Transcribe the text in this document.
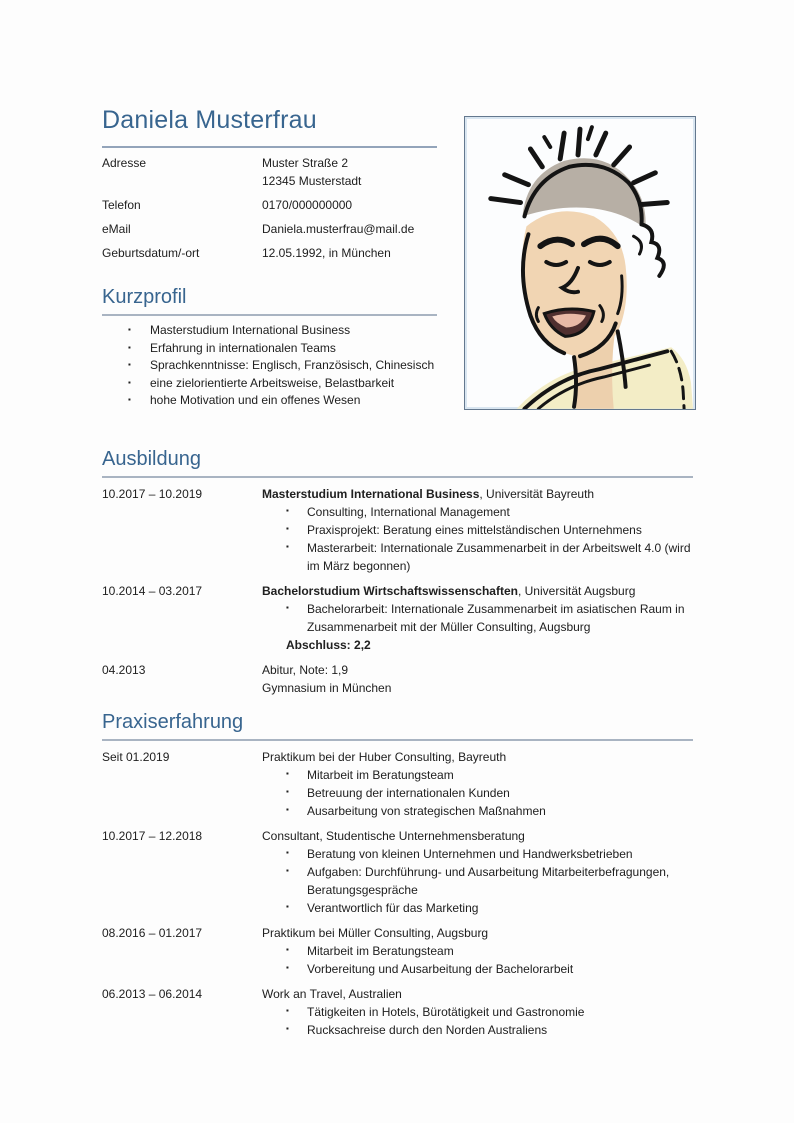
Daniela Musterfrau
Adresse	Muster Straße 2
12345 Musterstadt
Telefon	0170/000000000
eMail	Daniela.musterfrau@mail.de
Geburtsdatum/-ort	12.05.1992, in München
Kurzprofil
▪	Masterstudium International Business
▪	Erfahrung in internationalen Teams
▪	Sprachkenntnisse: Englisch, Französisch, Chinesisch
▪	eine zielorientierte Arbeitsweise, Belastbarkeit
▪	hohe Motivation und ein offenes Wesen
Ausbildung
10.2017 – 10.2019	Masterstudium International Business, Universität Bayreuth
▪	Consulting, International Management
▪	Praxisprojekt: Beratung eines mittelständischen Unternehmens
▪	Masterarbeit: Internationale Zusammenarbeit in der Arbeitswelt 4.0 (wird im März begonnen)
10.2014 – 03.2017	Bachelorstudium Wirtschaftswissenschaften, Universität Augsburg
▪	Bachelorarbeit: Internationale Zusammenarbeit im asiatischen Raum in Zusammenarbeit mit der Müller Consulting, Augsburg
Abschluss: 2,2
04.2013	Abitur, Note: 1,9
Gymnasium in München
Praxiserfahrung
Seit 01.2019	Praktikum bei der Huber Consulting, Bayreuth
▪	Mitarbeit im Beratungsteam
▪	Betreuung der internationalen Kunden
▪	Ausarbeitung von strategischen Maßnahmen
10.2017 – 12.2018	Consultant, Studentische Unternehmensberatung
▪	Beratung von kleinen Unternehmen und Handwerksbetrieben
▪	Aufgaben: Durchführung- und Ausarbeitung Mitarbeiterbefragungen, Beratungsgespräche
▪	Verantwortlich für das Marketing
08.2016 – 01.2017	Praktikum bei Müller Consulting, Augsburg
▪	Mitarbeit im Beratungsteam
▪	Vorbereitung und Ausarbeitung der Bachelorarbeit
06.2013 – 06.2014	Work an Travel, Australien
▪	Tätigkeiten in Hotels, Bürotätigkeit und Gastronomie
▪	Rucksachreise durch den Norden Australiens
